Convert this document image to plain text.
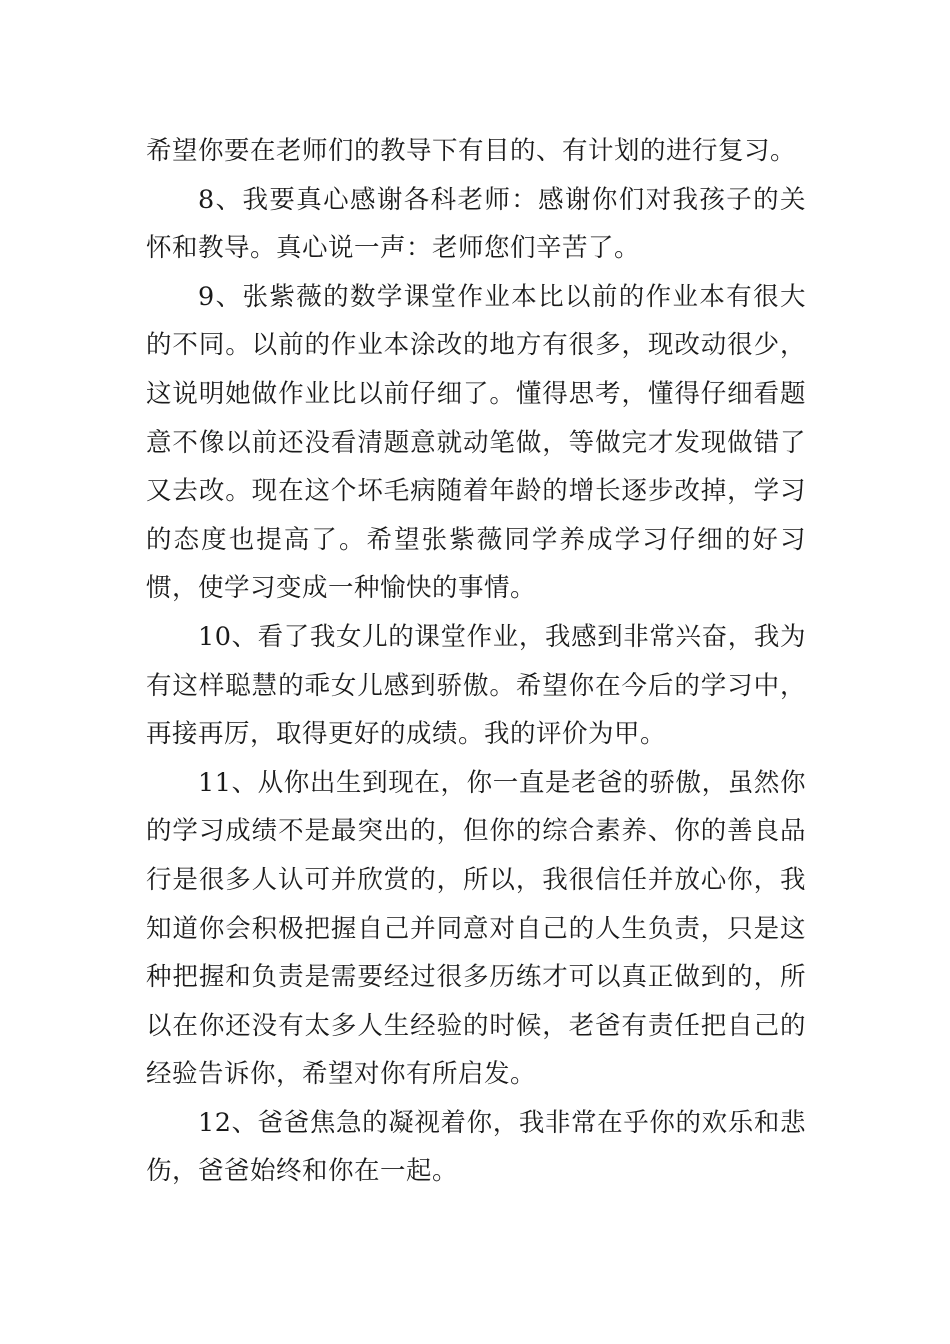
希望你要在老师们的教导下有目的、有计划的进行复习。

8、我要真心感谢各科老师：感谢你们对我孩子的关怀和教导。真心说一声：老师您们辛苦了。

9、张紫薇的数学课堂作业本比以前的作业本有很大的不同。以前的作业本涂改的地方有很多，现改动很少，这说明她做作业比以前仔细了。懂得思考，懂得仔细看题意不像以前还没看清题意就动笔做，等做完才发现做错了又去改。现在这个坏毛病随着年龄的增长逐步改掉，学习的态度也提高了。希望张紫薇同学养成学习仔细的好习惯，使学习变成一种愉快的事情。

10、看了我女儿的课堂作业，我感到非常兴奋，我为有这样聪慧的乖女儿感到骄傲。希望你在今后的学习中，再接再厉，取得更好的成绩。我的评价为甲。

11、从你出生到现在，你一直是老爸的骄傲，虽然你的学习成绩不是最突出的，但你的综合素养、你的善良品行是很多人认可并欣赏的，所以，我很信任并放心你，我知道你会积极把握自己并同意对自己的人生负责，只是这种把握和负责是需要经过很多历练才可以真正做到的，所以在你还没有太多人生经验的时候，老爸有责任把自己的经验告诉你，希望对你有所启发。

12、爸爸焦急的凝视着你，我非常在乎你的欢乐和悲伤，爸爸始终和你在一起。
